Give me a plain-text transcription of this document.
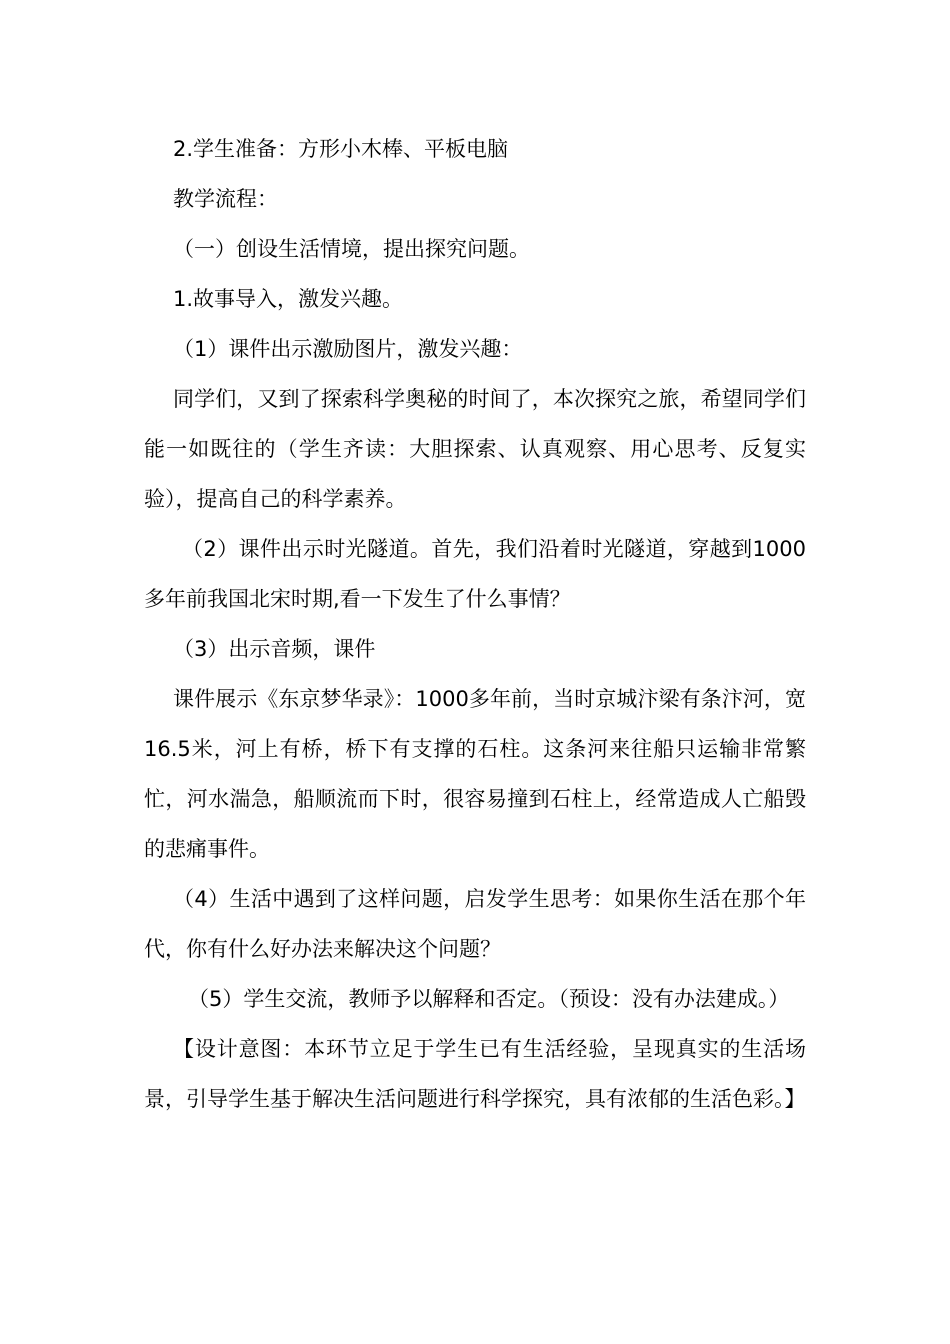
2.学生准备：方形小木棒、平板电脑

教学流程：

（一）创设生活情境，提出探究问题。

1.故事导入，激发兴趣。

（1）课件出示激励图片，激发兴趣：

同学们，又到了探索科学奥秘的时间了，本次探究之旅，希望同学们能一如既往的（学生齐读：大胆探索、认真观察、用心思考、反复实验），提高自己的科学素养。

（2）课件出示时光隧道。首先，我们沿着时光隧道，穿越到1000多年前我国北宋时期,看一下发生了什么事情？

（3）出示音频，课件

课件展示《东京梦华录》：1000多年前，当时京城汴梁有条汴河，宽16.5米，河上有桥，桥下有支撑的石柱。这条河来往船只运输非常繁忙，河水湍急，船顺流而下时，很容易撞到石柱上，经常造成人亡船毁的悲痛事件。

（4）生活中遇到了这样问题，启发学生思考：如果你生活在那个年代，你有什么好办法来解决这个问题？

（5）学生交流，教师予以解释和否定。（预设：没有办法建成。）

【设计意图：本环节立足于学生已有生活经验，呈现真实的生活场景，引导学生基于解决生活问题进行科学探究，具有浓郁的生活色彩。】
